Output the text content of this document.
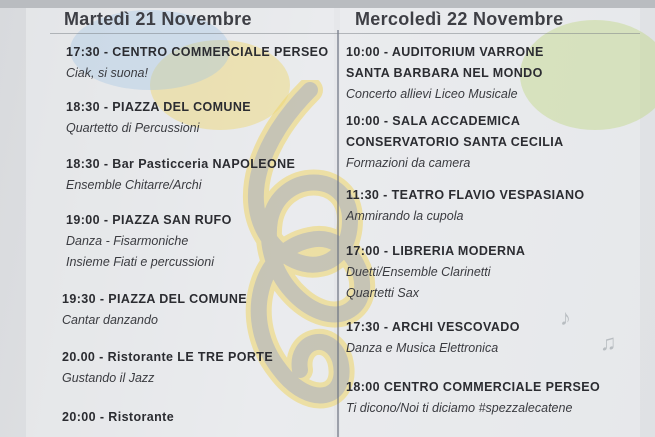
♪
♫
Martedì 21 Novembre	Mercoledì 22 Novembre
17:30 - CENTRO COMMERCIALE PERSEO
Ciak, si suona!
18:30 - PIAZZA DEL COMUNE
Quartetto di Percussioni
18:30 - Bar Pasticceria NAPOLEONE
Ensemble Chitarre/Archi
19:00 - PIAZZA SAN RUFO
Danza - Fisarmoniche
Insieme Fiati e percussioni
19:30 - PIAZZA DEL COMUNE
Cantar danzando
20.00 - Ristorante LE TRE PORTE
Gustando il Jazz
20:00 - Ristorante
10:00 - AUDITORIUM VARRONE
SANTA BARBARA NEL MONDO
Concerto allievi Liceo Musicale
10:00 - SALA ACCADEMICA
CONSERVATORIO SANTA CECILIA
Formazioni da camera
11:30 - TEATRO FLAVIO VESPASIANO
Ammirando la cupola
17:00 - LIBRERIA MODERNA
Duetti/Ensemble Clarinetti
Quartetti Sax
17:30 - ARCHI VESCOVADO
Danza e Musica Elettronica
18:00 CENTRO COMMERCIALE PERSEO
Ti dicono/Noi ti diciamo #spezzalecatene
